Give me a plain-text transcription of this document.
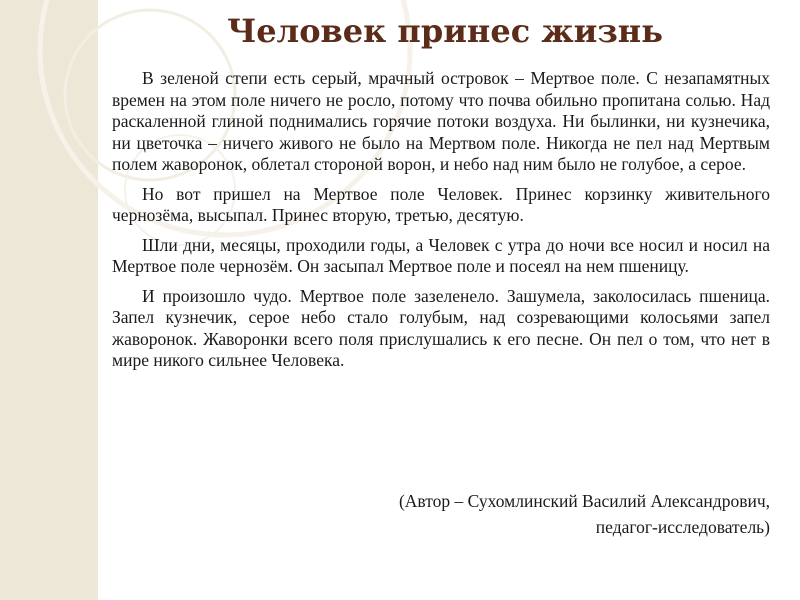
Человек принес жизнь

В зеленой степи есть серый, мрачный островок – Мертвое поле. С незапамятных времен на этом поле ничего не росло, потому что почва обильно пропитана солью. Над раскаленной глиной поднимались горячие потоки воздуха. Ни былинки, ни кузнечика, ни цветочка – ничего живого не было на Мертвом поле. Никогда не пел над Мертвым полем жаворонок, облетал стороной ворон, и небо над ним было не голубое, а серое.

Но вот пришел на Мертвое поле Человек. Принес корзинку живительного чернозёма, высыпал. Принес вторую, третью, десятую.

Шли дни, месяцы, проходили годы, а Человек с утра до ночи все носил и носил на Мертвое поле чернозём. Он засыпал Мертвое поле и посеял на нем пшеницу.

И произошло чудо. Мертвое поле зазеленело. Зашумела, заколосилась пшеница. Запел кузнечик, серое небо стало голубым, над созревающими колосьями запел жаворонок. Жаворонки всего поля прислушались к его песне. Он пел о том, что нет в мире никого сильнее Человека.

(Автор – Сухомлинский Василий Александрович,
педагог-исследователь)
